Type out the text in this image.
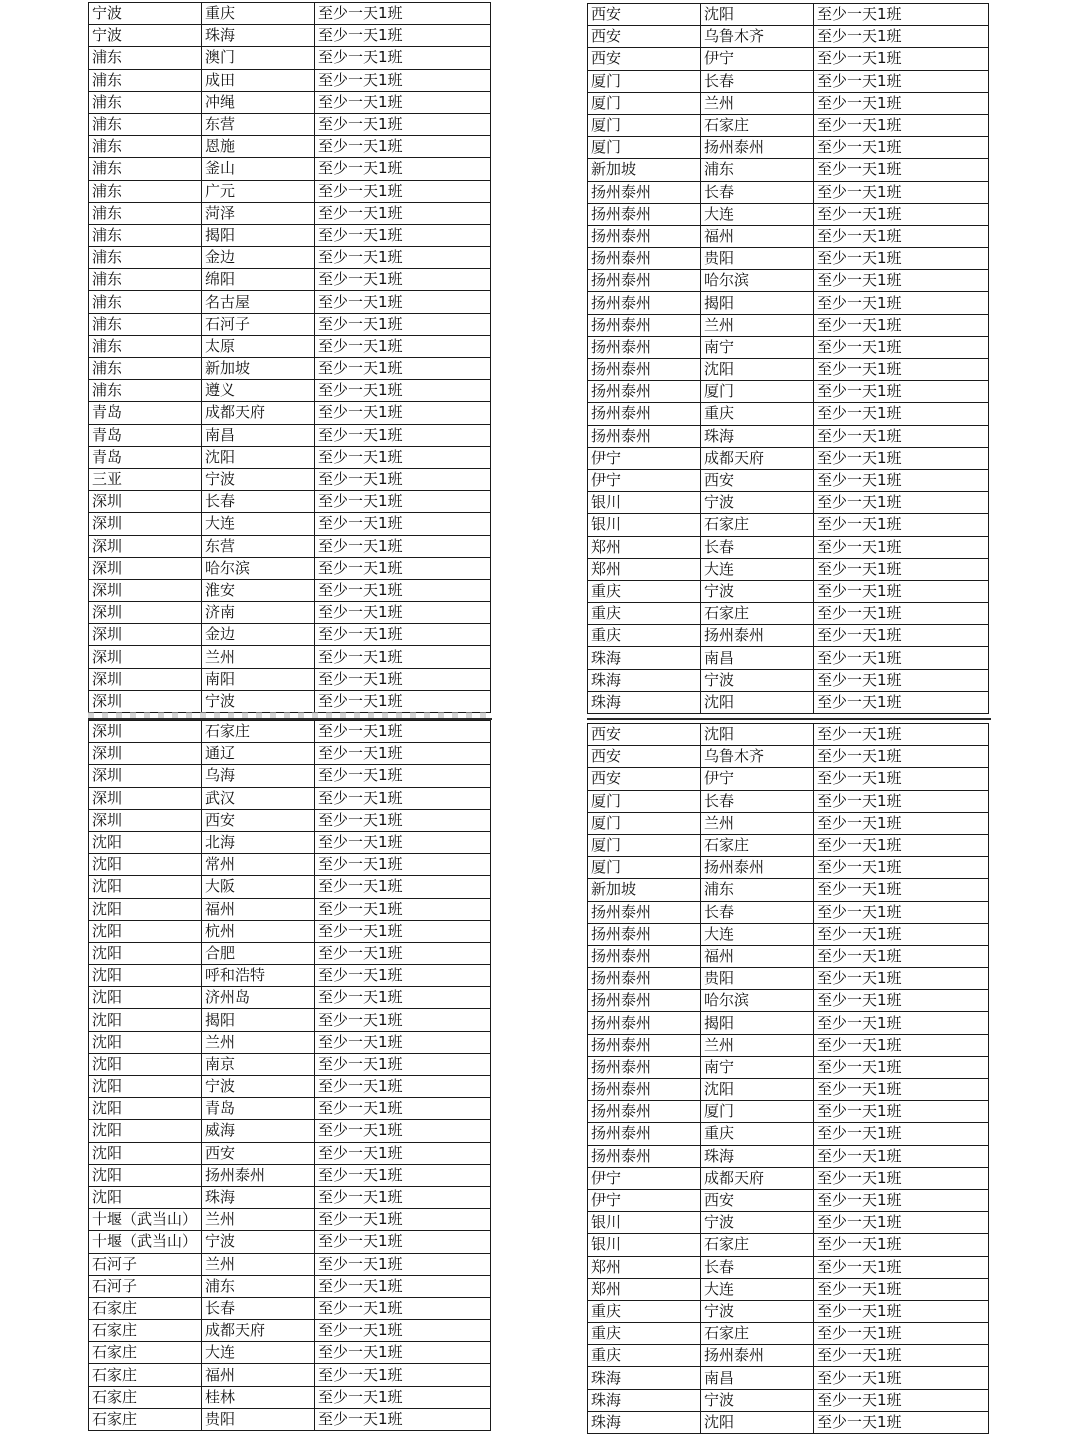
宁波	重庆	至少一天1班
宁波	珠海	至少一天1班
浦东	澳门	至少一天1班
浦东	成田	至少一天1班
浦东	冲绳	至少一天1班
浦东	东营	至少一天1班
浦东	恩施	至少一天1班
浦东	釜山	至少一天1班
浦东	广元	至少一天1班
浦东	菏泽	至少一天1班
浦东	揭阳	至少一天1班
浦东	金边	至少一天1班
浦东	绵阳	至少一天1班
浦东	名古屋	至少一天1班
浦东	石河子	至少一天1班
浦东	太原	至少一天1班
浦东	新加坡	至少一天1班
浦东	遵义	至少一天1班
青岛	成都天府	至少一天1班
青岛	南昌	至少一天1班
青岛	沈阳	至少一天1班
三亚	宁波	至少一天1班
深圳	长春	至少一天1班
深圳	大连	至少一天1班
深圳	东营	至少一天1班
深圳	哈尔滨	至少一天1班
深圳	淮安	至少一天1班
深圳	济南	至少一天1班
深圳	金边	至少一天1班
深圳	兰州	至少一天1班
深圳	南阳	至少一天1班
深圳	宁波	至少一天1班
西安	沈阳	至少一天1班
西安	乌鲁木齐	至少一天1班
西安	伊宁	至少一天1班
厦门	长春	至少一天1班
厦门	兰州	至少一天1班
厦门	石家庄	至少一天1班
厦门	扬州泰州	至少一天1班
新加坡	浦东	至少一天1班
扬州泰州	长春	至少一天1班
扬州泰州	大连	至少一天1班
扬州泰州	福州	至少一天1班
扬州泰州	贵阳	至少一天1班
扬州泰州	哈尔滨	至少一天1班
扬州泰州	揭阳	至少一天1班
扬州泰州	兰州	至少一天1班
扬州泰州	南宁	至少一天1班
扬州泰州	沈阳	至少一天1班
扬州泰州	厦门	至少一天1班
扬州泰州	重庆	至少一天1班
扬州泰州	珠海	至少一天1班
伊宁	成都天府	至少一天1班
伊宁	西安	至少一天1班
银川	宁波	至少一天1班
银川	石家庄	至少一天1班
郑州	长春	至少一天1班
郑州	大连	至少一天1班
重庆	宁波	至少一天1班
重庆	石家庄	至少一天1班
重庆	扬州泰州	至少一天1班
珠海	南昌	至少一天1班
珠海	宁波	至少一天1班
珠海	沈阳	至少一天1班
深圳	石家庄	至少一天1班
深圳	通辽	至少一天1班
深圳	乌海	至少一天1班
深圳	武汉	至少一天1班
深圳	西安	至少一天1班
沈阳	北海	至少一天1班
沈阳	常州	至少一天1班
沈阳	大阪	至少一天1班
沈阳	福州	至少一天1班
沈阳	杭州	至少一天1班
沈阳	合肥	至少一天1班
沈阳	呼和浩特	至少一天1班
沈阳	济州岛	至少一天1班
沈阳	揭阳	至少一天1班
沈阳	兰州	至少一天1班
沈阳	南京	至少一天1班
沈阳	宁波	至少一天1班
沈阳	青岛	至少一天1班
沈阳	威海	至少一天1班
沈阳	西安	至少一天1班
沈阳	扬州泰州	至少一天1班
沈阳	珠海	至少一天1班
十堰（武当山）	兰州	至少一天1班
十堰（武当山）	宁波	至少一天1班
石河子	兰州	至少一天1班
石河子	浦东	至少一天1班
石家庄	长春	至少一天1班
石家庄	成都天府	至少一天1班
石家庄	大连	至少一天1班
石家庄	福州	至少一天1班
石家庄	桂林	至少一天1班
石家庄	贵阳	至少一天1班
西安	沈阳	至少一天1班
西安	乌鲁木齐	至少一天1班
西安	伊宁	至少一天1班
厦门	长春	至少一天1班
厦门	兰州	至少一天1班
厦门	石家庄	至少一天1班
厦门	扬州泰州	至少一天1班
新加坡	浦东	至少一天1班
扬州泰州	长春	至少一天1班
扬州泰州	大连	至少一天1班
扬州泰州	福州	至少一天1班
扬州泰州	贵阳	至少一天1班
扬州泰州	哈尔滨	至少一天1班
扬州泰州	揭阳	至少一天1班
扬州泰州	兰州	至少一天1班
扬州泰州	南宁	至少一天1班
扬州泰州	沈阳	至少一天1班
扬州泰州	厦门	至少一天1班
扬州泰州	重庆	至少一天1班
扬州泰州	珠海	至少一天1班
伊宁	成都天府	至少一天1班
伊宁	西安	至少一天1班
银川	宁波	至少一天1班
银川	石家庄	至少一天1班
郑州	长春	至少一天1班
郑州	大连	至少一天1班
重庆	宁波	至少一天1班
重庆	石家庄	至少一天1班
重庆	扬州泰州	至少一天1班
珠海	南昌	至少一天1班
珠海	宁波	至少一天1班
珠海	沈阳	至少一天1班
